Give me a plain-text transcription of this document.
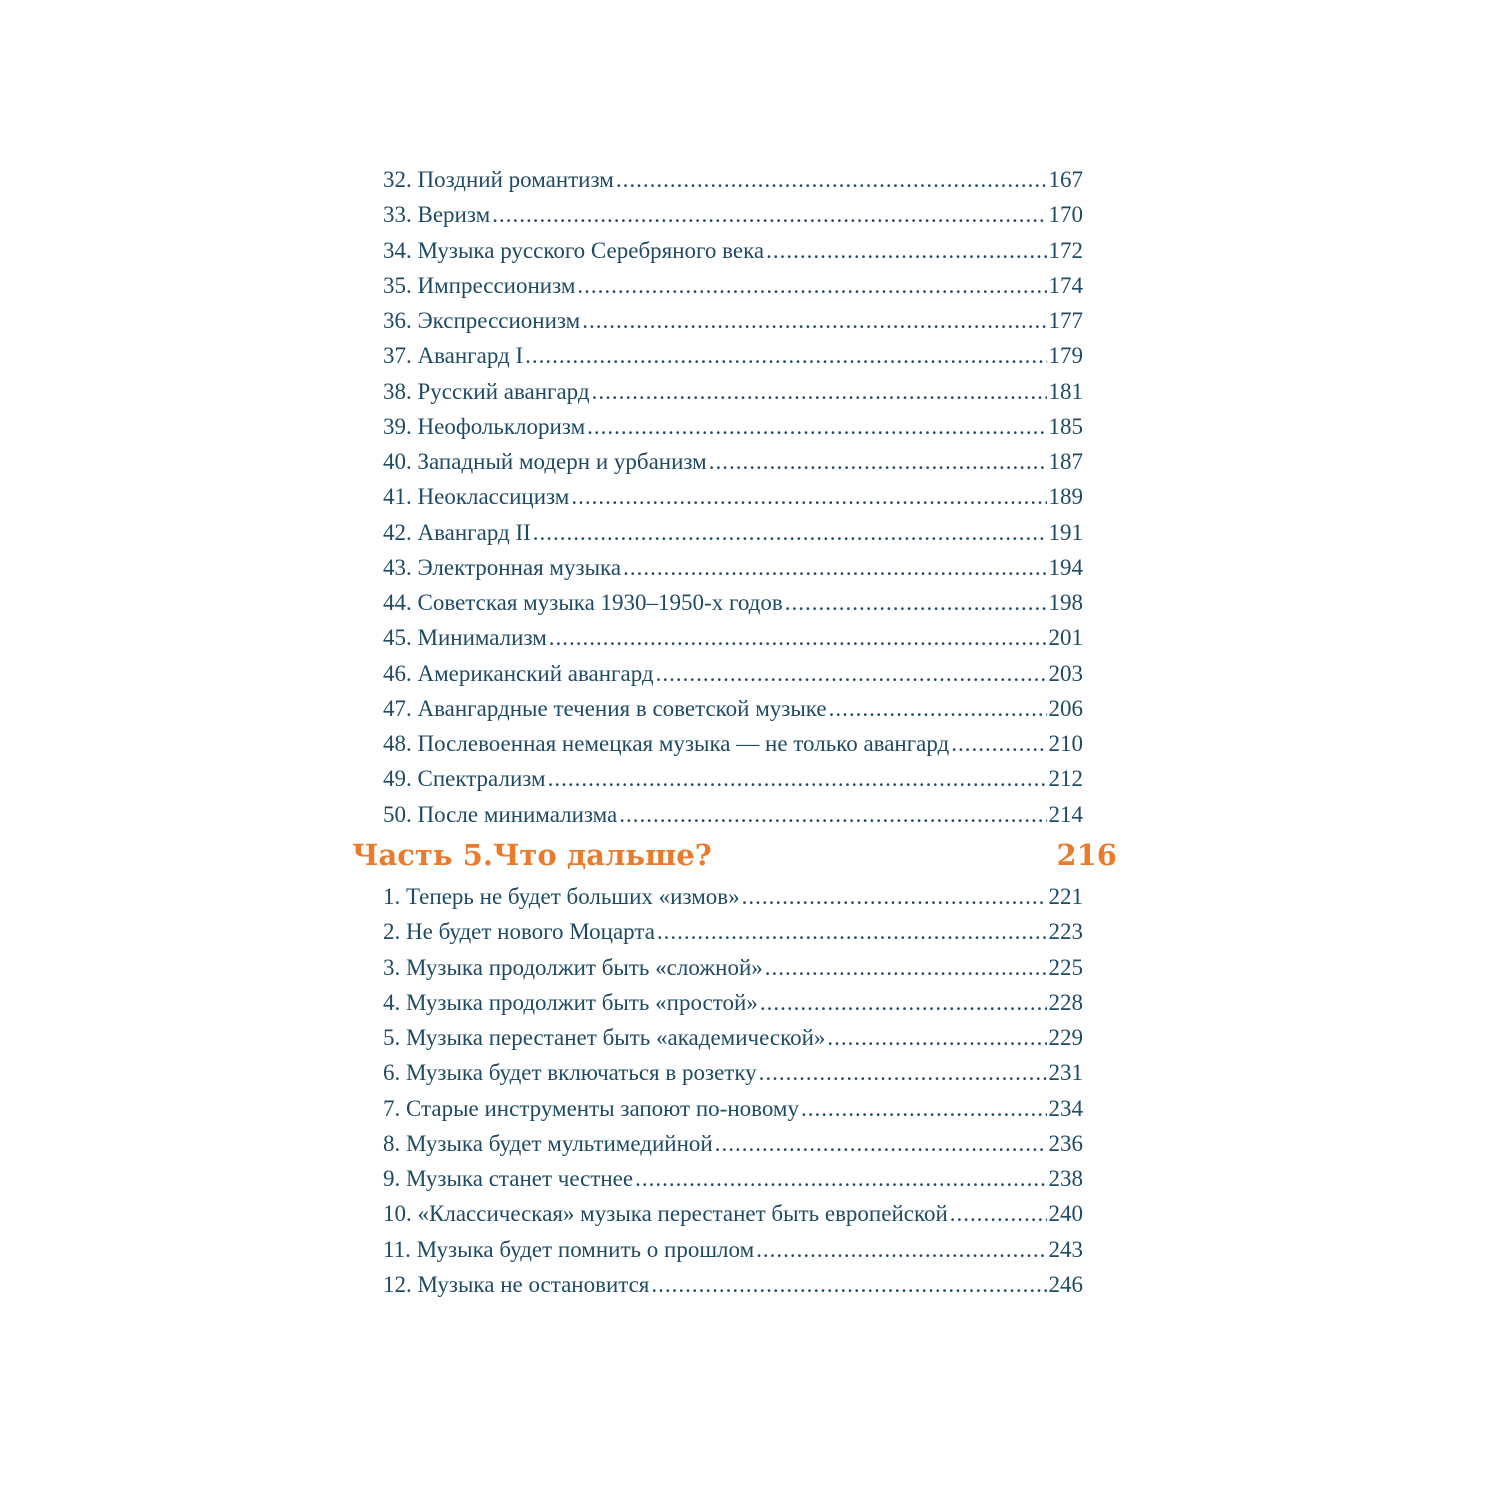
32. Поздний романтизм .....	167
33. Веризм .....	170
34. Музыка русского Серебряного века .....	172
35. Импрессионизм .....	174
36. Экспрессионизм .....	177
37. Авангард I .....	179
38. Русский авангард .....	181
39. Неофольклоризм .....	185
40. Западный модерн и урбанизм .....	187
41. Неоклассицизм .....	189
42. Авангард II .....	191
43. Электронная музыка .....	194
44. Советская музыка 1930–1950-х годов .....	198
45. Минимализм .....	201
46. Американский авангард .....	203
47. Авангардные течения в советской музыке .....	206
48. Послевоенная немецкая музыка — не только авангард .....	210
49. Спектрализм .....	212
50. После минимализма .....	214
Часть 5.Что дальше?	216
1. Теперь не будет больших «измов» .....	221
2. Не будет нового Моцарта .....	223
3. Музыка продолжит быть «сложной» .....	225
4. Музыка продолжит быть «простой» .....	228
5. Музыка перестанет быть «академической» .....	229
6. Музыка будет включаться в розетку .....	231
7. Старые инструменты запоют по-новому .....	234
8. Музыка будет мультимедийной .....	236
9. Музыка станет честнее .....	238
10. «Классическая» музыка перестанет быть европейской .....	240
11. Музыка будет помнить о прошлом .....	243
12. Музыка не остановится .....	246
